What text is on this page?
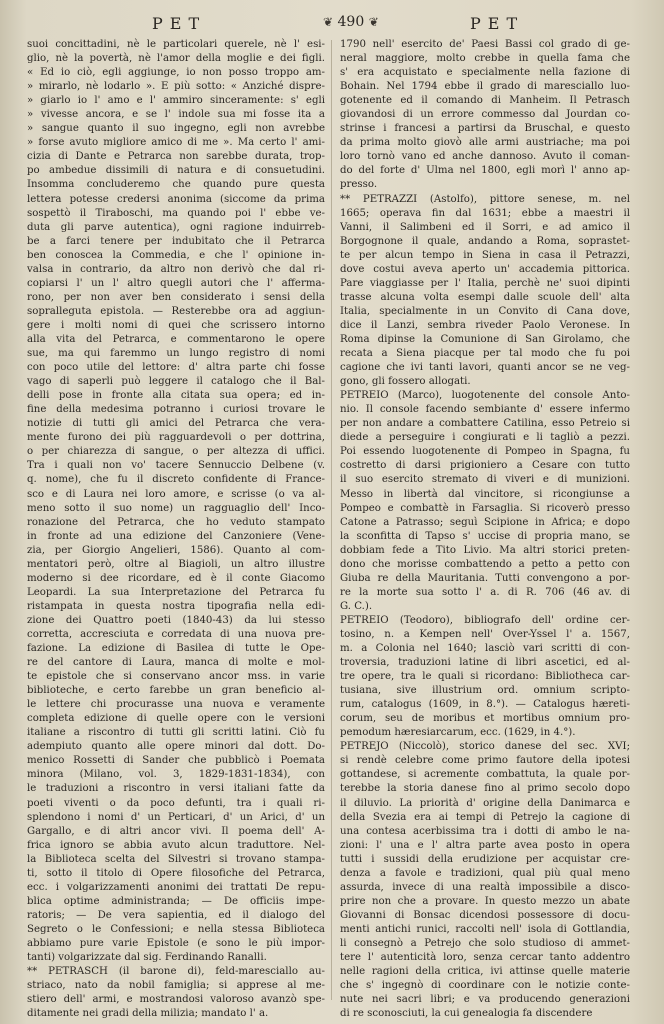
PET	❦ 490 ❦	PET
suoi concittadini, nè le particolari querele, nè l' esi-
glio, nè la povertà, nè l'amor della moglie e dei figli.
« Ed io ciò, egli aggiunge, io non posso troppo am-
» mirarlo, nè lodarlo ». E più sotto: « Anziché dispre-
» giarlo io l' amo e l' ammiro sinceramente: s' egli
» vivesse ancora, e se l' indole sua mi fosse ita a
» sangue quanto il suo ingegno, egli non avrebbe
» forse avuto migliore amico di me ». Ma certo l' ami-
cizia di Dante e Petrarca non sarebbe durata, trop-
po ambedue dissimili di natura e di consuetudini.
Insomma concluderemo che quando pure questa
lettera potesse credersi anonima (siccome da prima
sospettò il Tiraboschi, ma quando poi l' ebbe ve-
duta gli parve autentica), ogni ragione induirreb-
be a farci tenere per indubitato che il Petrarca
ben conoscea la Commedia, e che l' opinione in-
valsa in contrario, da altro non derivò che dal ri-
copiarsi l' un l' altro quegli autori che l' afferma-
rono, per non aver ben considerato i sensi della
sopralleguta epistola. — Resterebbe ora ad aggiun-
gere i molti nomi di quei che scrissero intorno
alla vita del Petrarca, e commentarono le opere
sue, ma qui faremmo un lungo registro di nomi
con poco utile del lettore: d' altra parte chi fosse
vago di saperli può leggere il catalogo che il Bal-
delli pose in fronte alla citata sua opera; ed in-
fine della medesima potranno i curiosi trovare le
notizie di tutti gli amici del Petrarca che vera-
mente furono dei più ragguardevoli o per dottrina,
o per chiarezza di sangue, o per altezza di uffici.
Tra i quali non vo' tacere Sennuccio Delbene (v.
q. nome), che fu il discreto confidente di France-
sco e di Laura nei loro amore, e scrisse (o va al-
meno sotto il suo nome) un ragguaglio dell' Inco-
ronazione del Petrarca, che ho veduto stampato
in fronte ad una edizione del Canzoniere (Vene-
zia, per Giorgio Angelieri, 1586). Quanto al com-
mentatori però, oltre al Biagioli, un altro illustre
moderno si dee ricordare, ed è il conte Giacomo
Leopardi. La sua Interpretazione del Petrarca fu
ristampata in questa nostra tipografia nella edi-
zione dei Quattro poeti (1840-43) da lui stesso
corretta, accresciuta e corredata di una nuova pre-
fazione. La edizione di Basilea di tutte le Ope-
re del cantore di Laura, manca di molte e mol-
te epistole che si conservano ancor mss. in varie
biblioteche, e certo farebbe un gran beneficio al-
le lettere chi procurasse una nuova e veramente
completa edizione di quelle opere con le versioni
italiane a riscontro di tutti gli scritti latini. Ciò fu
adempiuto quanto alle opere minori dal dott. Do-
menico Rossetti di Sander che pubblicò i Poemata
minora (Milano, vol. 3, 1829-1831-1834), con
le traduzioni a riscontro in versi italiani fatte da
poeti viventi o da poco defunti, tra i quali ri-
splendono i nomi d' un Perticari, d' un Arici, d' un
Gargallo, e di altri ancor vivi. Il poema dell' A-
frica ignoro se abbia avuto alcun traduttore. Nel-
la Biblioteca scelta del Silvestri si trovano stampa-
ti, sotto il titolo di Opere filosofiche del Petrarca,
ecc. i volgarizzamenti anonimi dei trattati De repu-
blica optime administranda; — De officiis impe-
ratoris; — De vera sapientia, ed il dialogo del
Segreto o le Confessioni; e nella stessa Biblioteca
abbiamo pure varie Epistole (e sono le più impor-
tanti) volgarizzate dal sig. Ferdinando Ranalli.
** PETRASCH (il barone di), feld-maresciallo au-
striaco, nato da nobil famiglia; si apprese al me-
stiero dell' armi, e mostrandosi valoroso avanzò spe-
ditamente nei gradi della milizia; mandato l' a.
1790 nell' esercito de' Paesi Bassi col grado di ge-
neral maggiore, molto crebbe in quella fama che
s' era acquistato e specialmente nella fazione di
Bohain. Nel 1794 ebbe il grado di maresciallo luo-
gotenente ed il comando di Manheim. Il Petrasch
giovandosi di un errore commesso dal Jourdan co-
strinse i francesi a partirsi da Bruschal, e questo
da prima molto giovò alle armi austriache; ma poi
loro tornò vano ed anche dannoso. Avuto il coman-
do del forte d' Ulma nel 1800, egli morì l' anno ap-
presso.
** PETRAZZI (Astolfo), pittore senese, m. nel
1665; operava fin dal 1631; ebbe a maestri il
Vanni, il Salimbeni ed il Sorri, e ad amico il
Borgognone il quale, andando a Roma, soprastet-
te per alcun tempo in Siena in casa il Petrazzi,
dove costui aveva aperto un' accademia pittorica.
Pare viaggiasse per l' Italia, perchè ne' suoi dipinti
trasse alcuna volta esempi dalle scuole dell' alta
Italia, specialmente in un Convito di Cana dove,
dice il Lanzi, sembra riveder Paolo Veronese. In
Roma dipinse la Comunione di San Girolamo, che
recata a Siena piacque per tal modo che fu poi
cagione che ivi tanti lavori, quanti ancor se ne veg-
gono, gli fossero allogati.
PETREIO (Marco), luogotenente del console Anto-
nio. Il console facendo sembiante d' essere infermo
per non andare a combattere Catilina, esso Petreio si
diede a perseguire i congiurati e li tagliò a pezzi.
Poi essendo luogotenente di Pompeo in Spagna, fu
costretto di darsi prigioniero a Cesare con tutto
il suo esercito stremato di viveri e di munizioni.
Messo in libertà dal vincitore, si ricongiunse a
Pompeo e combattè in Farsaglia. Si ricoverò presso
Catone a Patrasso; seguì Scipione in Africa; e dopo
la sconfitta di Tapso s' uccise di propria mano, se
dobbiam fede a Tito Livio. Ma altri storici preten-
dono che morisse combattendo a petto a petto con
Giuba re della Mauritania. Tutti convengono a por-
re la morte sua sotto l' a. di R. 706 (46 av. di
G. C.).
PETREIO (Teodoro), bibliografo dell' ordine cer-
tosino, n. a Kempen nell' Over-Yssel l' a. 1567,
m. a Colonia nel 1640; lasciò vari scritti di con-
troversia, traduzioni latine di libri ascetici, ed al-
tre opere, tra le quali si ricordano: Bibliotheca car-
tusiana, sive illustrium ord. omnium scripto-
rum, catalogus (1609, in 8.°). — Catalogus hæreti-
corum, seu de moribus et mortibus omnium pro-
pemodum hæresiarcarum, ecc. (1629, in 4.°).
PETREJO (Niccolò), storico danese del sec. XVI;
si rendè celebre come primo fautore della ipotesi
gottandese, si acremente combattuta, la quale por-
terebbe la storia danese fino al primo secolo dopo
il diluvio. La priorità d' origine della Danimarca e
della Svezia era ai tempi di Petrejo la cagione di
una contesa acerbissima tra i dotti di ambo le na-
zioni: l' una e l' altra parte avea posto in opera
tutti i sussidi della erudizione per acquistar cre-
denza a favole e tradizioni, qual più qual meno
assurda, invece di una realtà impossibile a disco-
prire non che a provare. In questo mezzo un abate
Giovanni di Bonsac dicendosi possessore di docu-
menti antichi runici, raccolti nell' isola di Gottlandia,
li consegnò a Petrejo che solo studioso di ammet-
tere l' autenticità loro, senza cercar tanto addentro
nelle ragioni della critica, ivi attinse quelle materie
che s' ingegnò di coordinare con le notizie conte-
nute nei sacri libri; e va producendo generazioni
di re sconosciuti, la cui genealogia fa discendere
